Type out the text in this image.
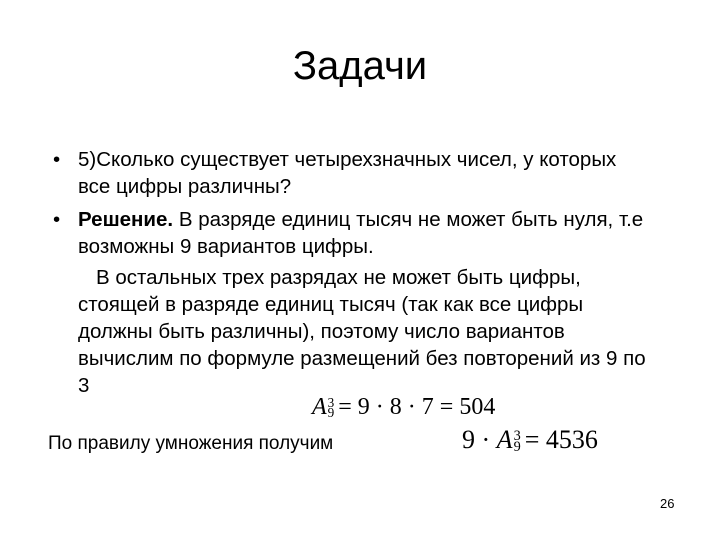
Задачи
• 5)Сколько существует четырехзначных чисел, у которых
все цифры различны?
• Решение. В разряде единиц тысяч не может быть нуля, т.е
возможны 9 вариантов цифры.
В остальных трех разрядах не может быть цифры,
стоящей в разряде единиц тысяч (так как все цифры
должны быть различны), поэтому число вариантов
вычислим по формуле размещений без повторений из 9 по
3
A 3
9 = 9 · 8 · 7 = 504
По правилу умножения получим	9 · A 3
9 = 4536
26
